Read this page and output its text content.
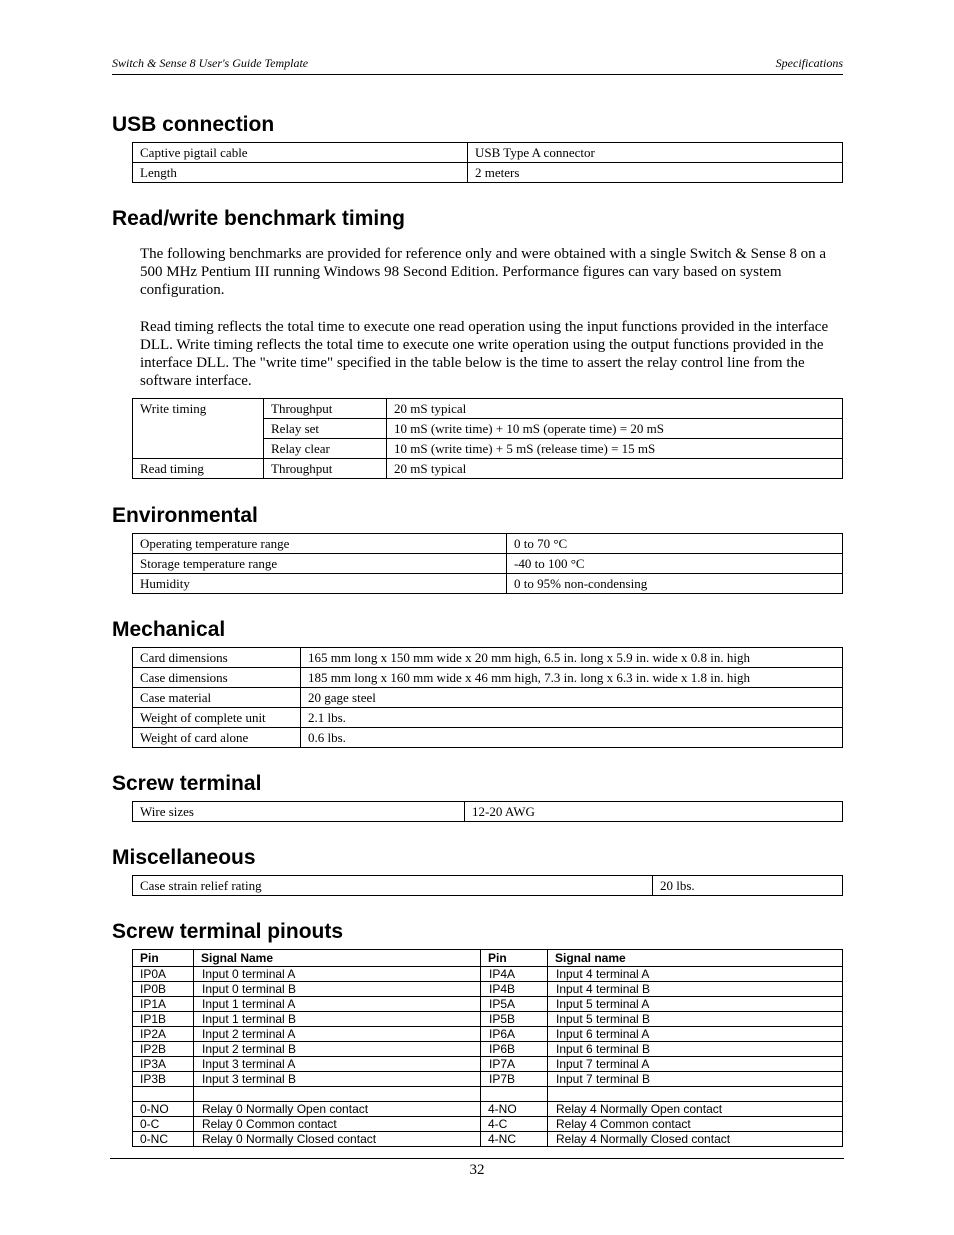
Switch & Sense 8 User's Guide Template	Specifications
USB connection
Captive pigtail cable	USB Type A connector
Length	2 meters
Read/write benchmark timing

The following benchmarks are provided for reference only and were obtained with a single Switch & Sense 8 on a 500 MHz Pentium III running Windows 98 Second Edition. Performance figures can vary based on system configuration.

Read timing reflects the total time to execute one read operation using the input functions provided in the interface DLL. Write timing reflects the total time to execute one write operation using the output functions provided in the interface DLL. The "write time" specified in the table below is the time to assert the relay control line from the software interface.

Write timing	Throughput	20 mS typical
	Relay set	10 mS (write time) + 10 mS (operate time) = 20 mS
	Relay clear	10 mS (write time) + 5 mS (release time) = 15 mS
Read timing	Throughput	20 mS typical
Environmental
Operating temperature range	0 to 70 °C
Storage temperature range	-40 to 100 °C
Humidity	0 to 95% non-condensing
Mechanical
Card dimensions	165 mm long x 150 mm wide x 20 mm high, 6.5 in. long x 5.9 in. wide x 0.8 in. high
Case dimensions	185 mm long x 160 mm wide x 46 mm high, 7.3 in. long x 6.3 in. wide x 1.8 in. high
Case material	20 gage steel
Weight of complete unit	2.1 lbs.
Weight of card alone	0.6 lbs.
Screw terminal
Wire sizes	12-20 AWG
Miscellaneous
Case strain relief rating	20 lbs.
Screw terminal pinouts
Pin	Signal Name	Pin	Signal name
IP0A	Input 0 terminal A	IP4A	Input 4 terminal A
IP0B	Input 0 terminal B	IP4B	Input 4 terminal B
IP1A	Input 1 terminal A	IP5A	Input 5 terminal A
IP1B	Input 1 terminal B	IP5B	Input 5 terminal B
IP2A	Input 2 terminal A	IP6A	Input 6 terminal A
IP2B	Input 2 terminal B	IP6B	Input 6 terminal B
IP3A	Input 3 terminal A	IP7A	Input 7 terminal A
IP3B	Input 3 terminal B	IP7B	Input 7 terminal B

0-NO	Relay 0 Normally Open contact	4-NO	Relay 4 Normally Open contact
0-C	Relay 0 Common contact	4-C	Relay 4 Common contact
0-NC	Relay 0 Normally Closed contact	4-NC	Relay 4 Normally Closed contact
32
